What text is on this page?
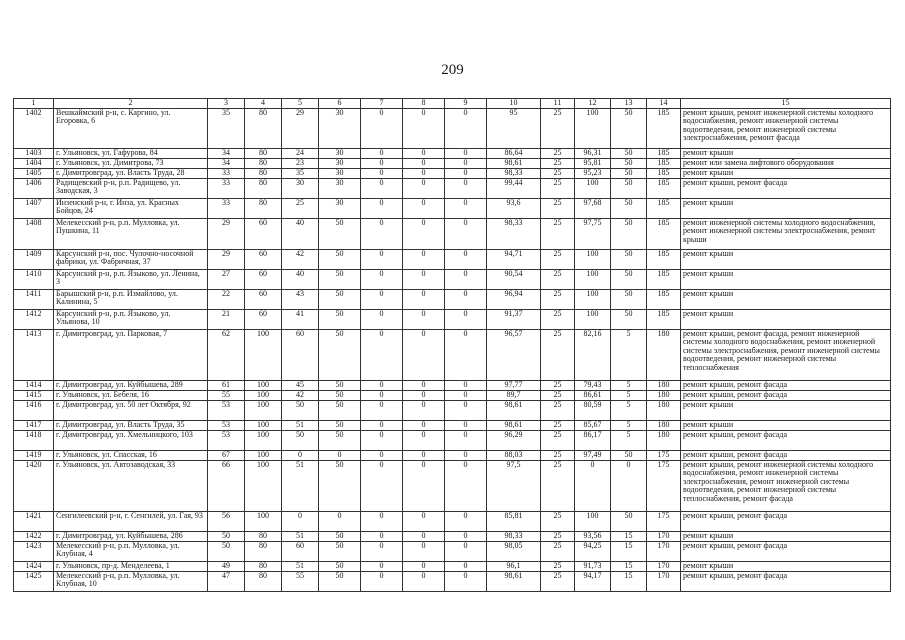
209
1	2	3	4	5	6	7	8	9	10	11	12	13	14	15
1402	Вешкаймский р-н, с. Каргино, ул. Егоровка, 6	35	80	29	30	0	0	0	95	25	100	50	185	ремонт крыши, ремонт инженерной системы холодного водоснабжения, ремонт инженерной системы водоотведения, ремонт инженерной системы электроснабжения, ремонт фасада
1403	г. Ульяновск, ул. Гафурова, 84	34	80	24	30	0	0	0	86,64	25	96,31	50	185	ремонт крыши
1404	г. Ульяновск, ул. Димитрова, 73	34	80	23	30	0	0	0	98,61	25	95,81	50	185	ремонт или замена лифтового оборудования
1405	г. Димитровград, ул. Власть Труда, 28	33	80	35	30	0	0	0	98,33	25	95,23	50	185	ремонт крыши
1406	Радищевский р-н, р.п. Радищево, ул. Заводская, 3	33	80	30	30	0	0	0	99,44	25	100	50	185	ремонт крыши, ремонт фасада
1407	Инзенский р-н, г. Инза, ул. Красных Бойцов, 24	33	80	25	30	0	0	0	93,6	25	97,68	50	185	ремонт крыши
1408	Мелекесский р-н, р.п. Мулловка, ул. Пушкина, 11	29	60	40	50	0	0	0	98,33	25	97,75	50	185	ремонт инженерной системы холодного водоснабжения, ремонт инженерной системы электроснабжения, ремонт крыши
1409	Карсунский р-н, пос. Чулочно-носочной фабрики, ул. Фабричная, 37	29	60	42	50	0	0	0	94,71	25	100	50	185	ремонт крыши
1410	Карсунский р-н, р.п. Языково, ул. Ленина, 3	27	60	40	50	0	0	0	90,54	25	100	50	185	ремонт крыши
1411	Барышский р-н, р.п. Измайлово, ул. Калинина, 5	22	60	43	50	0	0	0	96,94	25	100	50	185	ремонт крыши
1412	Карсунский р-н, р.п. Языково, ул. Ульянова, 10	21	60	41	50	0	0	0	91,37	25	100	50	185	ремонт крыши
1413	г. Димитровград, ул. Парковая, 7	62	100	60	50	0	0	0	96,57	25	82,16	5	180	ремонт крыши, ремонт фасада, ремонт инженерной системы холодного водоснабжения, ремонт инженерной системы электроснабжения, ремонт инженерной системы водоотведения, ремонт инженерной системы теплоснабжения
1414	г. Димитровград, ул. Куйбышева, 289	61	100	45	50	0	0	0	97,77	25	79,43	5	180	ремонт крыши, ремонт фасада
1415	г. Ульяновск, ул. Бебеля, 16	55	100	42	50	0	0	0	89,7	25	86,61	5	180	ремонт крыши, ремонт фасада
1416	г. Димитровград, ул. 50 лет Октября, 92	53	100	50	50	0	0	0	98,61	25	80,59	5	180	ремонт крыши
1417	г. Димитровград, ул. Власть Труда, 35	53	100	51	50	0	0	0	98,61	25	85,67	5	180	ремонт крыши
1418	г. Димитровград, ул. Хмельницкого, 103	53	100	50	50	0	0	0	96,29	25	86,17	5	180	ремонт крыши, ремонт фасада
1419	г. Ульяновск, ул. Спасская, 16	67	100	0	0	0	0	0	88,03	25	97,49	50	175	ремонт крыши, ремонт фасада
1420	г. Ульяновск, ул. Автозаводская, 33	66	100	51	50	0	0	0	97,5	25	0	0	175	ремонт крыши, ремонт инженерной системы холодного водоснабжения, ремонт инженерной системы электроснабжения, ремонт инженерной системы водоотведения, ремонт инженерной системы теплоснабжения, ремонт фасада
1421	Сенгилеевский р-н, г. Сенгилей, ул. Гая, 93	56	100	0	0	0	0	0	85,81	25	100	50	175	ремонт крыши, ремонт фасада
1422	г. Димитровград, ул. Куйбышева, 286	50	80	51	50	0	0	0	98,33	25	93,56	15	170	ремонт крыши
1423	Мелекесский р-н, р.п. Мулловка, ул. Клубная, 4	50	80	60	50	0	0	0	98,05	25	94,25	15	170	ремонт крыши, ремонт фасада
1424	г. Ульяновск, пр-д. Менделеева, 1	49	80	51	50	0	0	0	96,1	25	91,73	15	170	ремонт крыши
1425	Мелекесский р-н, р.п. Мулловка, ул. Клубная, 10	47	80	55	50	0	0	0	98,61	25	94,17	15	170	ремонт крыши, ремонт фасада
